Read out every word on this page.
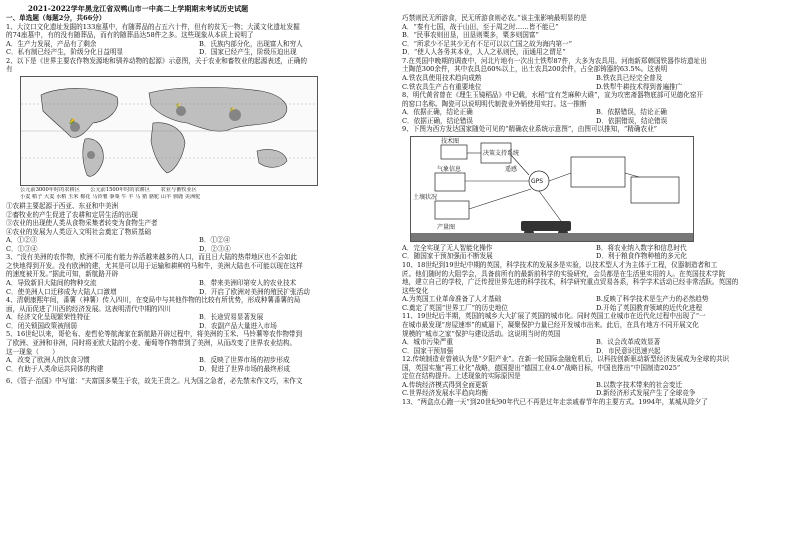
2021-2022学年黑龙江省双鸭山市一中高二上学期期末考试历史试题
一、单选题（每题2分，共66分）
1、大汶口文化遗址发掘的133座墓中，有随葬品的占五六十件，但有的贫无一物；大溪文化遗址发掘
的74座墓中，有的没有随葬品，而有的随葬品达58件之多。这些现象从本质上说明了
A．生产力发展，产品有了剩余	B．氏族内部分化，出现富人和穷人
C．私有制已经产生，阶级分化日益明显	D．国家已经产生，阶级压迫出现
2、以下是《世界主要农作物发源地和驯养动物的起源》示意图，关于农业和畜牧业的起源表述，正确的
有
🌾
🌾
🌽
公元前3000年时的农耕区　　公元前1500年时的农耕区　　农业与畜牧业区
小麦 稻子 大麦 水稻 玉米 棉花 马铃薯 黍粟 牛 羊 马 猪 骆驼 山羊 驯鹿 美洲驼
①农耕主要起源于西亚、东亚和中美洲
②畜牧业的产生促进了农耕和定居生活的出现
③农业的出现使人类从食物采集者转变为食物生产者
④农业的发展为人类迈入文明社会奠定了物质基础
A．①②③	B．①②④
C．①③④	D．②③④
3、“没有美洲的农作物，欧洲不可能有能力养活越来越多的人口，而且日大陆的热带地区也不会如此
之快地得到开发。没有欧洲的建，尤其是可以用于运输和耕种的马和牛，美洲大陆也不可能以现在这样
的速度被开发。”据此可知，新航路开辟
A．导致新旧大陆间的物种交流	B．带来美洲印第安人的农业技术
C．使美洲人口迁移成为大陆人口激增	D．开启了欧洲对美洲的殖民扩张活动
4、清朝康熙年间，番薯（神薯）传入四川，在变局中与其他作物的比较有所优势，形成种薯番薯的局
面，从而促进了川西的经济发展。这表明清代中期的四川
A．经济文化呈现繁荣性特征	B．长途贸易显著发展
C．闭关锁国政策被削弱	D．农副产品大量进入市场
5、16世纪以来，哥伦布、麦哲伦等航海家在新航路开辟过程中，将美洲的玉米、马铃薯等农作物带到
了欧洲、亚洲和非洲，同时将亚欧大陆的小麦、葡萄等作物带到了美洲，从而改变了世界农业结构。
这一现象（　　）
A．改变了欧洲人的饮食习惯	B．反映了世界市场的初步形成
C．有助于人类命运共同体的构建	D．促进了世界市场的最终形成
6、《管子·治国》中写道：“夫富国多粟生于农，故先王贵之。凡为国之急者，必先禁末作文巧，末作文
巧禁则民无所游食，民无所游食则必农。”该主张影响最明显的是
A．“秦有七国，战于山田，至于周之时……皆不能已”
B．“民事农则田垦，田垦则粟多，粟多则国富”
C．“所求少不足其少无有不足可以以亡国之故为海内第一”
D．“使人人各务其本业，人人之私则民，而通用之谓足”
7.在英国中晚期的调查中，河北片地有一次出土铁犁87件，大多为农具用。河南新郑韩国铁器作坊遗址出
土陶范300余件，其中农具总60%以上，出土农具200余件，占全部铸器的63.5%。这表明
A.铁农具使用技术趋向成熟	B.铁农具已经完全普及
C.铁农具生产占有重要地位	D.铁犁牛耕技术得到普遍推广
8、明代黄省曾在《理生玉镜稻品》中记载，水稻“宜有芝麻种大碓”，宣为攻密斋器物底部可见德化窑开
的窑口名称。陶瓷可以说明明代制瓷业外销使用实打。这一推断
A．依据正确，结论正确	B．依据错误，结论正确
C．依据正确，结论错误	D．依据错误，结论错误
9、下图为西方发达国家随处可见的“精确农业系统示意图”，由图可以推知，“精确农业”
技术图
决策支持系统
气象信息	遥感
GPS
土壤状况
产量图
A．完全实现了无人智能化操作	B．将农业纳入数字和信息时代
C．随国家干预加强而不断发展	D．利于粮食作物种植的多元化
10、18世纪到19世纪中期的英国，科学技术的发展多是实验，以技术型人才为主体于工程，仪器制造者和工
匠。他们随时的大阻学会，具备前所有的最新前科学的实验研究，会员都是在生活里实用的人。在英国技术学院
地，建立自己的学校，广泛传授世界先进的科学技术，科学研究重点贸易各系，科学学术活动已经非常活跃。英国的
这些变化
A.为英国工业革命准备了人才基础	B.反映了科学技术是生产力的必然趋势
C.奠定了英国“世界工厂”的历史地位	D.开始了英国教育领域的近代化进程
11、19世纪后半期，英国的城乡大大扩展了英国的城市化。同时英国工业城市在近代化过程中出现了“一
在城市最发现“房屋速率”的威逼下，凝聚保护力量已经开发城市出来。此后，在具有地方不同开展文化
规模的“城市之家”保护与建设活动。这说明当时的英国
A．城市污染严重	B．议会改革成效显著
C．国家干预加强	D．市民意识迅速兴起
12.传统制造业曾被认为是“夕阳产业”。在新一轮国际金融危机后，以科技创新驱动新型经济发展成为全球的共识
国，英国实施“再工业化”战略，德国提出“德国工业4.0”战略目标，中国也推出“中国制造2025”
定位在结构提升。上述现象的实际原因是
A.传统经济模式得到全面更新	B.以数字技术带来的社会变迁
C.世界经济发展水平趋向均衡	D.新经济形式发展产生了全球竞争
13、“两盒点心跑一天”到20世纪90年代已不再是过年走亲戚春节年的主要方式。1994年，某城从除夕了
